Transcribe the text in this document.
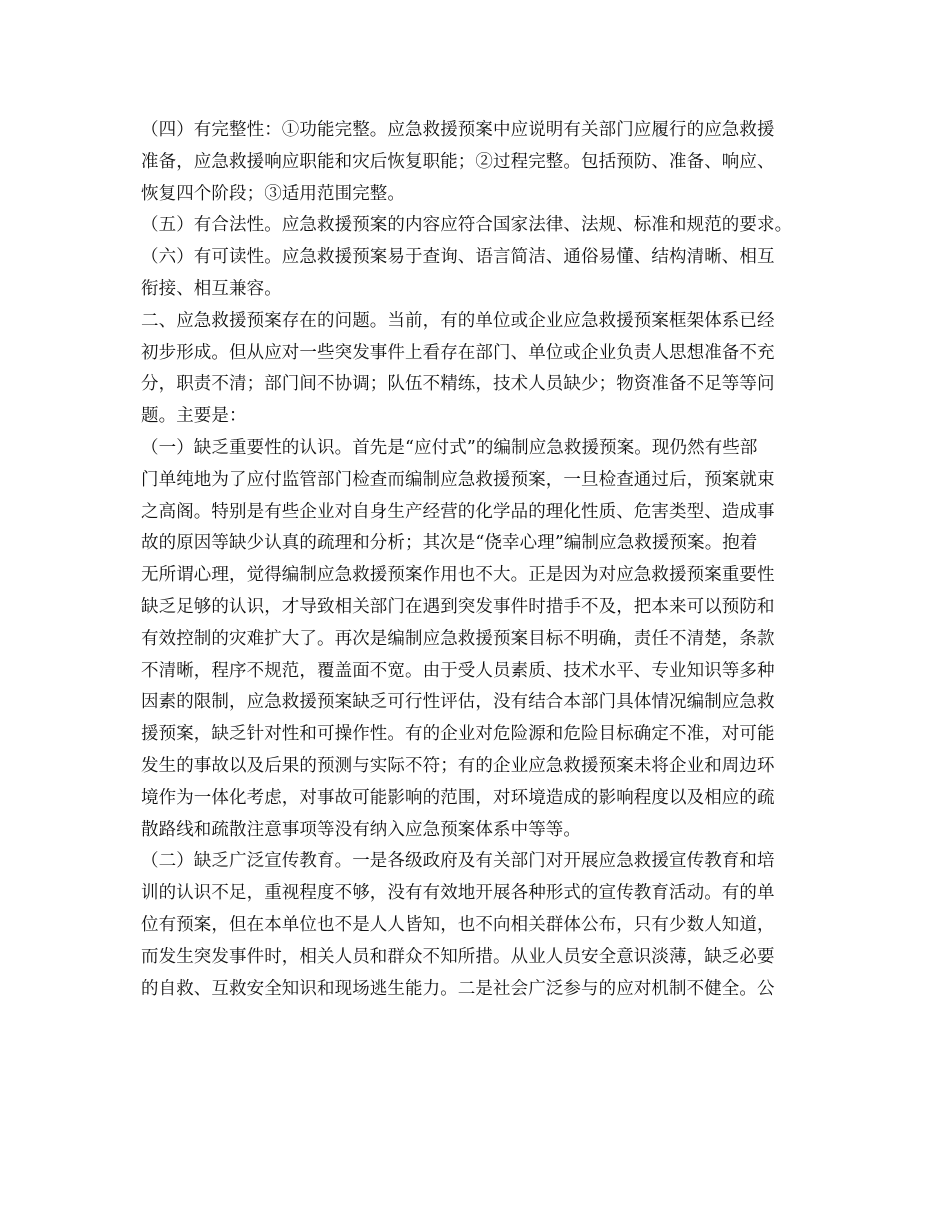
（四）有完整性：①功能完整。应急救援预案中应说明有关部门应履行的应急救援
准备，应急救援响应职能和灾后恢复职能；②过程完整。包括预防、准备、响应、
恢复四个阶段；③适用范围完整。
（五）有合法性。应急救援预案的内容应符合国家法律、法规、标准和规范的要求。
（六）有可读性。应急救援预案易于查询、语言简洁、通俗易懂、结构清晰、相互
衔接、相互兼容。
二、应急救援预案存在的问题。当前，有的单位或企业应急救援预案框架体系已经
初步形成。但从应对一些突发事件上看存在部门、单位或企业负责人思想准备不充
分，职责不清；部门间不协调；队伍不精练，技术人员缺少；物资准备不足等等问
题。主要是：
（一）缺乏重要性的认识。首先是“应付式”的编制应急救援预案。现仍然有些部
门单纯地为了应付监管部门检查而编制应急救援预案，一旦检查通过后，预案就束
之高阁。特别是有些企业对自身生产经营的化学品的理化性质、危害类型、造成事
故的原因等缺少认真的疏理和分析；其次是“侥幸心理”编制应急救援预案。抱着
无所谓心理，觉得编制应急救援预案作用也不大。正是因为对应急救援预案重要性
缺乏足够的认识，才导致相关部门在遇到突发事件时措手不及，把本来可以预防和
有效控制的灾难扩大了。再次是编制应急救援预案目标不明确，责任不清楚，条款
不清晰，程序不规范，覆盖面不宽。由于受人员素质、技术水平、专业知识等多种
因素的限制，应急救援预案缺乏可行性评估，没有结合本部门具体情况编制应急救
援预案，缺乏针对性和可操作性。有的企业对危险源和危险目标确定不准，对可能
发生的事故以及后果的预测与实际不符；有的企业应急救援预案未将企业和周边环
境作为一体化考虑，对事故可能影响的范围，对环境造成的影响程度以及相应的疏
散路线和疏散注意事项等没有纳入应急预案体系中等等。
（二）缺乏广泛宣传教育。一是各级政府及有关部门对开展应急救援宣传教育和培
训的认识不足，重视程度不够，没有有效地开展各种形式的宣传教育活动。有的单
位有预案，但在本单位也不是人人皆知，也不向相关群体公布，只有少数人知道，
而发生突发事件时，相关人员和群众不知所措。从业人员安全意识淡薄，缺乏必要
的自救、互救安全知识和现场逃生能力。二是社会广泛参与的应对机制不健全。公
